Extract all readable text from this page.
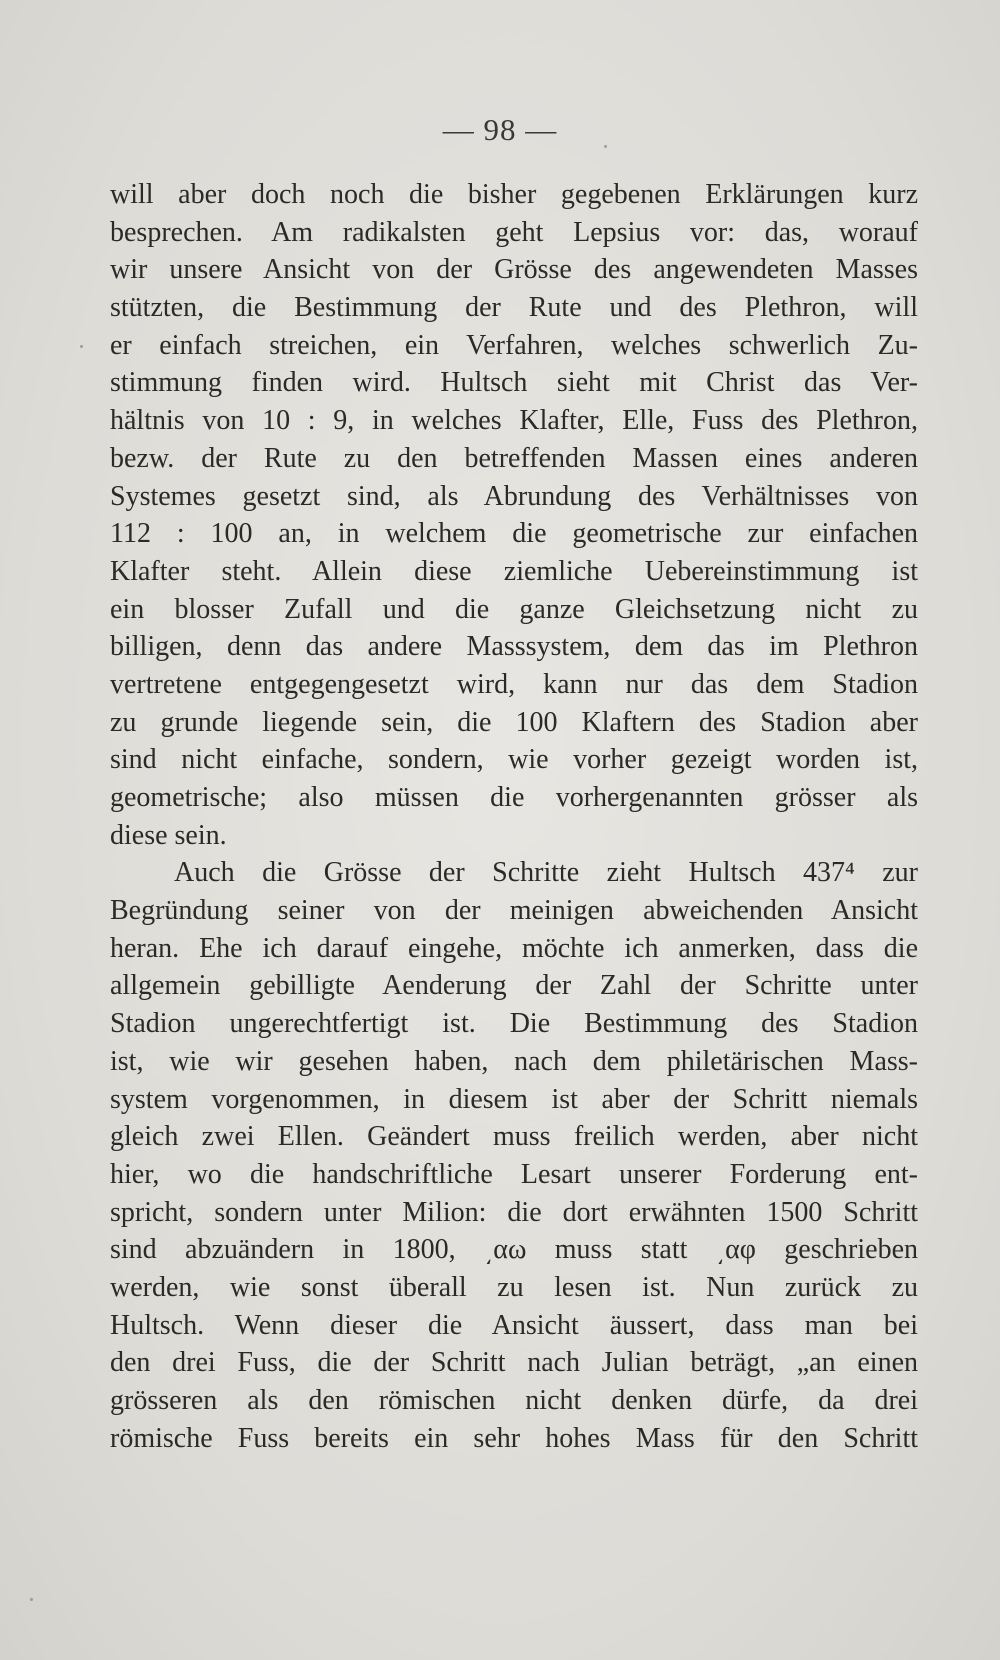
— 98 —
will aber doch noch die bisher gegebenen Erklärungen kurz
besprechen. Am radikalsten geht Lepsius vor: das, worauf
wir unsere Ansicht von der Grösse des angewendeten Masses
stützten, die Bestimmung der Rute und des Plethron, will
er einfach streichen, ein Verfahren, welches schwerlich Zu-
stimmung finden wird. Hultsch sieht mit Christ das Ver-
hältnis von 10 : 9, in welches Klafter, Elle, Fuss des Plethron,
bezw. der Rute zu den betreffenden Massen eines anderen
Systemes gesetzt sind, als Abrundung des Verhältnisses von
112 : 100 an, in welchem die geometrische zur einfachen
Klafter steht. Allein diese ziemliche Uebereinstimmung ist
ein blosser Zufall und die ganze Gleichsetzung nicht zu
billigen, denn das andere Masssystem, dem das im Plethron
vertretene entgegengesetzt wird, kann nur das dem Stadion
zu grunde liegende sein, die 100 Klaftern des Stadion aber
sind nicht einfache, sondern, wie vorher gezeigt worden ist,
geometrische; also müssen die vorhergenannten grösser als
diese sein.
Auch die Grösse der Schritte zieht Hultsch 437⁴ zur
Begründung seiner von der meinigen abweichenden Ansicht
heran. Ehe ich darauf eingehe, möchte ich anmerken, dass die
allgemein gebilligte Aenderung der Zahl der Schritte unter
Stadion ungerechtfertigt ist. Die Bestimmung des Stadion
ist, wie wir gesehen haben, nach dem philetärischen Mass-
system vorgenommen, in diesem ist aber der Schritt niemals
gleich zwei Ellen. Geändert muss freilich werden, aber nicht
hier, wo die handschriftliche Lesart unserer Forderung ent-
spricht, sondern unter Milion: die dort erwähnten 1500 Schritt
sind abzuändern in 1800, ͵αω muss statt ͵αφ geschrieben
werden, wie sonst überall zu lesen ist. Nun zurück zu
Hultsch. Wenn dieser die Ansicht äussert, dass man bei
den drei Fuss, die der Schritt nach Julian beträgt, „an einen
grösseren als den römischen nicht denken dürfe, da drei
römische Fuss bereits ein sehr hohes Mass für den Schritt
